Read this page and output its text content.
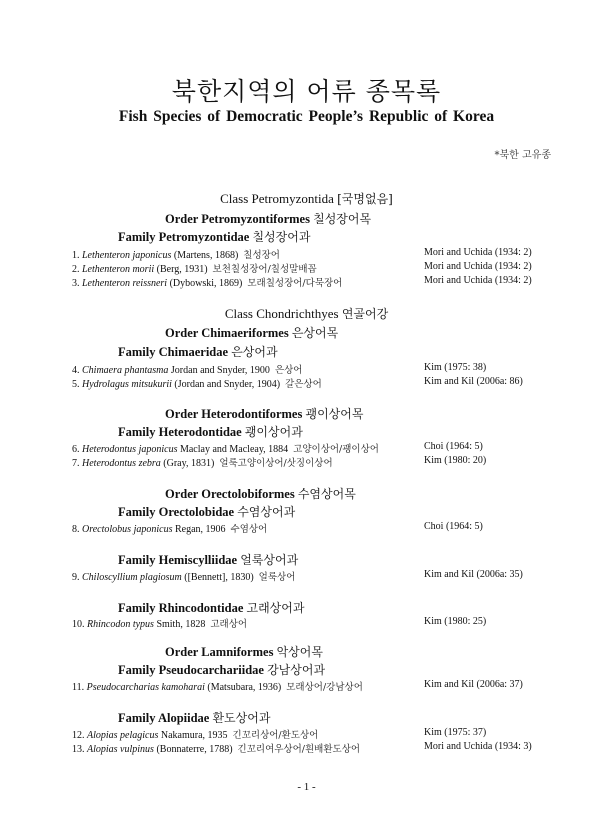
북한지역의 어류 종목록
Fish Species of Democratic People’s Republic of Korea
*북한 고유종
Class Petromyzontida [국명없음]
Order Petromyzontiformes 칠성장어목
Family Petromyzontidae 칠성장어과
1. Lethenteron japonicus (Martens, 1868) 칠성장어	Mori and Uchida (1934: 2)
2. Lethenteron morii (Berg, 1931) 보천칠성장어/칠성말배꼽	Mori and Uchida (1934: 2)
3. Lethenteron reissneri (Dybowski, 1869) 모래칠성장어/다묵장어	Mori and Uchida (1934: 2)
Class Chondrichthyes 연골어강
Order Chimaeriformes 은상어목
Family Chimaeridae 은상어과
4. Chimaera phantasma Jordan and Snyder, 1900 은상어	Kim (1975: 38)
5. Hydrolagus mitsukurii (Jordan and Snyder, 1904) 갈은상어	Kim and Kil (2006a: 86)
Order Heterodontiformes 괭이상어목
Family Heterodontidae 괭이상어과
6. Heterodontus japonicus Maclay and Macleay, 1884 고양이상어/괭이상어	Choi (1964: 5)
7. Heterodontus zebra (Gray, 1831) 얼룩고양이상어/삿징이상어	Kim (1980: 20)
Order Orectolobiformes 수염상어목
Family Orectolobidae 수염상어과
8. Orectolobus japonicus Regan, 1906 수염상어	Choi (1964: 5)
Family Hemiscylliidae 얼룩상어과
9. Chiloscyllium plagiosum ([Bennett], 1830) 얼룩상어	Kim and Kil (2006a: 35)
Family Rhincodontidae 고래상어과
10. Rhincodon typus Smith, 1828 고래상어	Kim (1980: 25)
Order Lamniformes 악상어목
Family Pseudocarchariidae 강남상어과
11. Pseudocarcharias kamoharai (Matsubara, 1936) 모래상어/강남상어	Kim and Kil (2006a: 37)
Family Alopiidae 환도상어과
12. Alopias pelagicus Nakamura, 1935 긴꼬리상어/환도상어	Kim (1975: 37)
13. Alopias vulpinus (Bonnaterre, 1788) 긴꼬리여우상어/흰배환도상어	Mori and Uchida (1934: 3)
- 1 -
